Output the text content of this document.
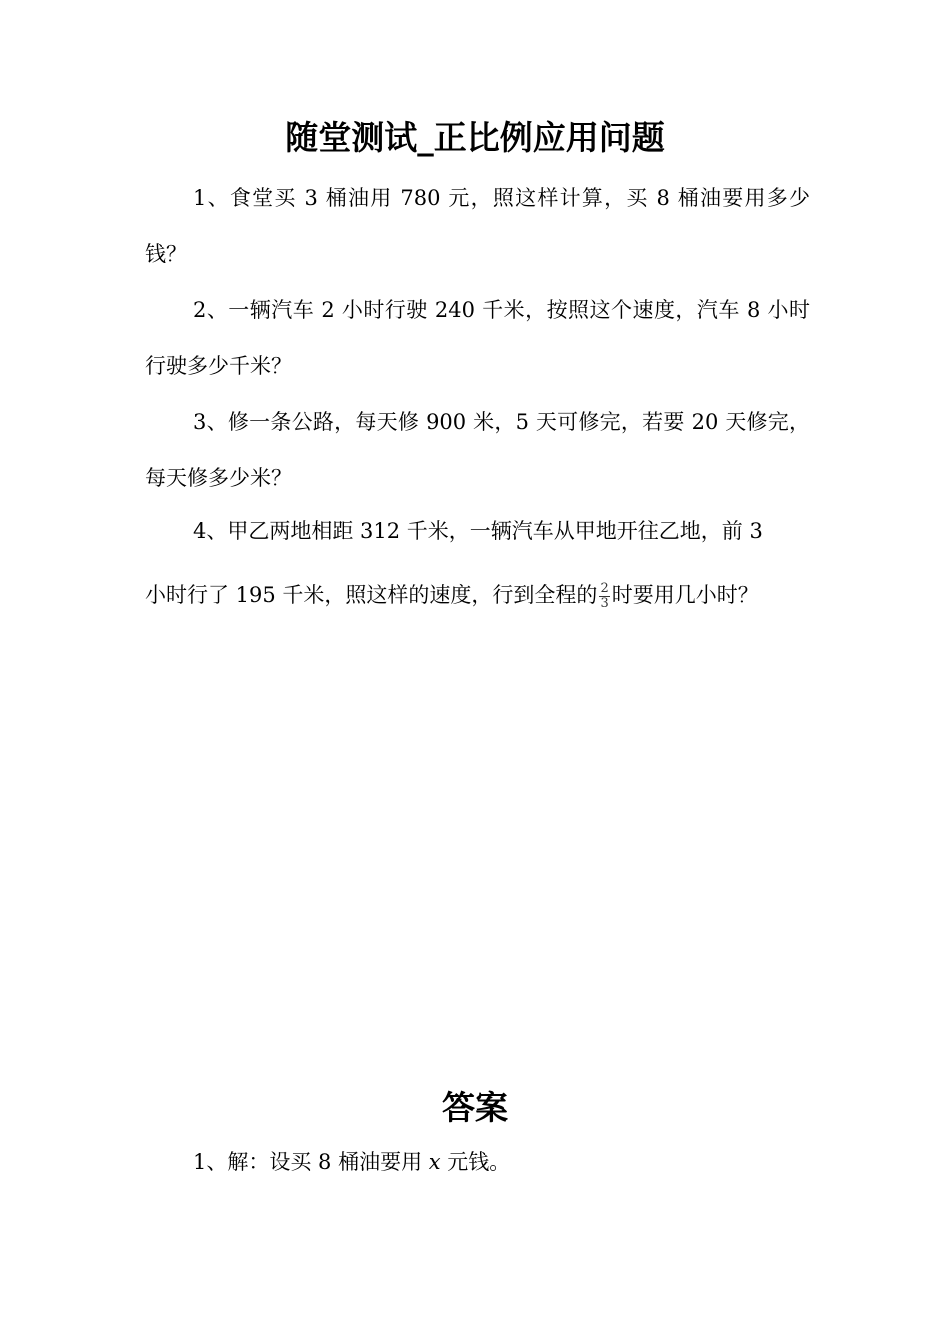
随堂测试_正比例应用问题

1、食堂买 3 桶油用 780 元，照这样计算，买 8 桶油要用多少钱？

2、一辆汽车 2 小时行驶 240 千米，按照这个速度，汽车 8 小时行驶多少千米？

3、修一条公路，每天修 900 米，5 天可修完，若要 20 天修完，每天修多少米？

4、甲乙两地相距 312 千米，一辆汽车从甲地开往乙地，前 3
小时行了 195 千米，照这样的速度，行到全程的 $\frac{2}{3}$ 时要用几小时？

答案

1、解：设买 8 桶油要用 x 元钱。
